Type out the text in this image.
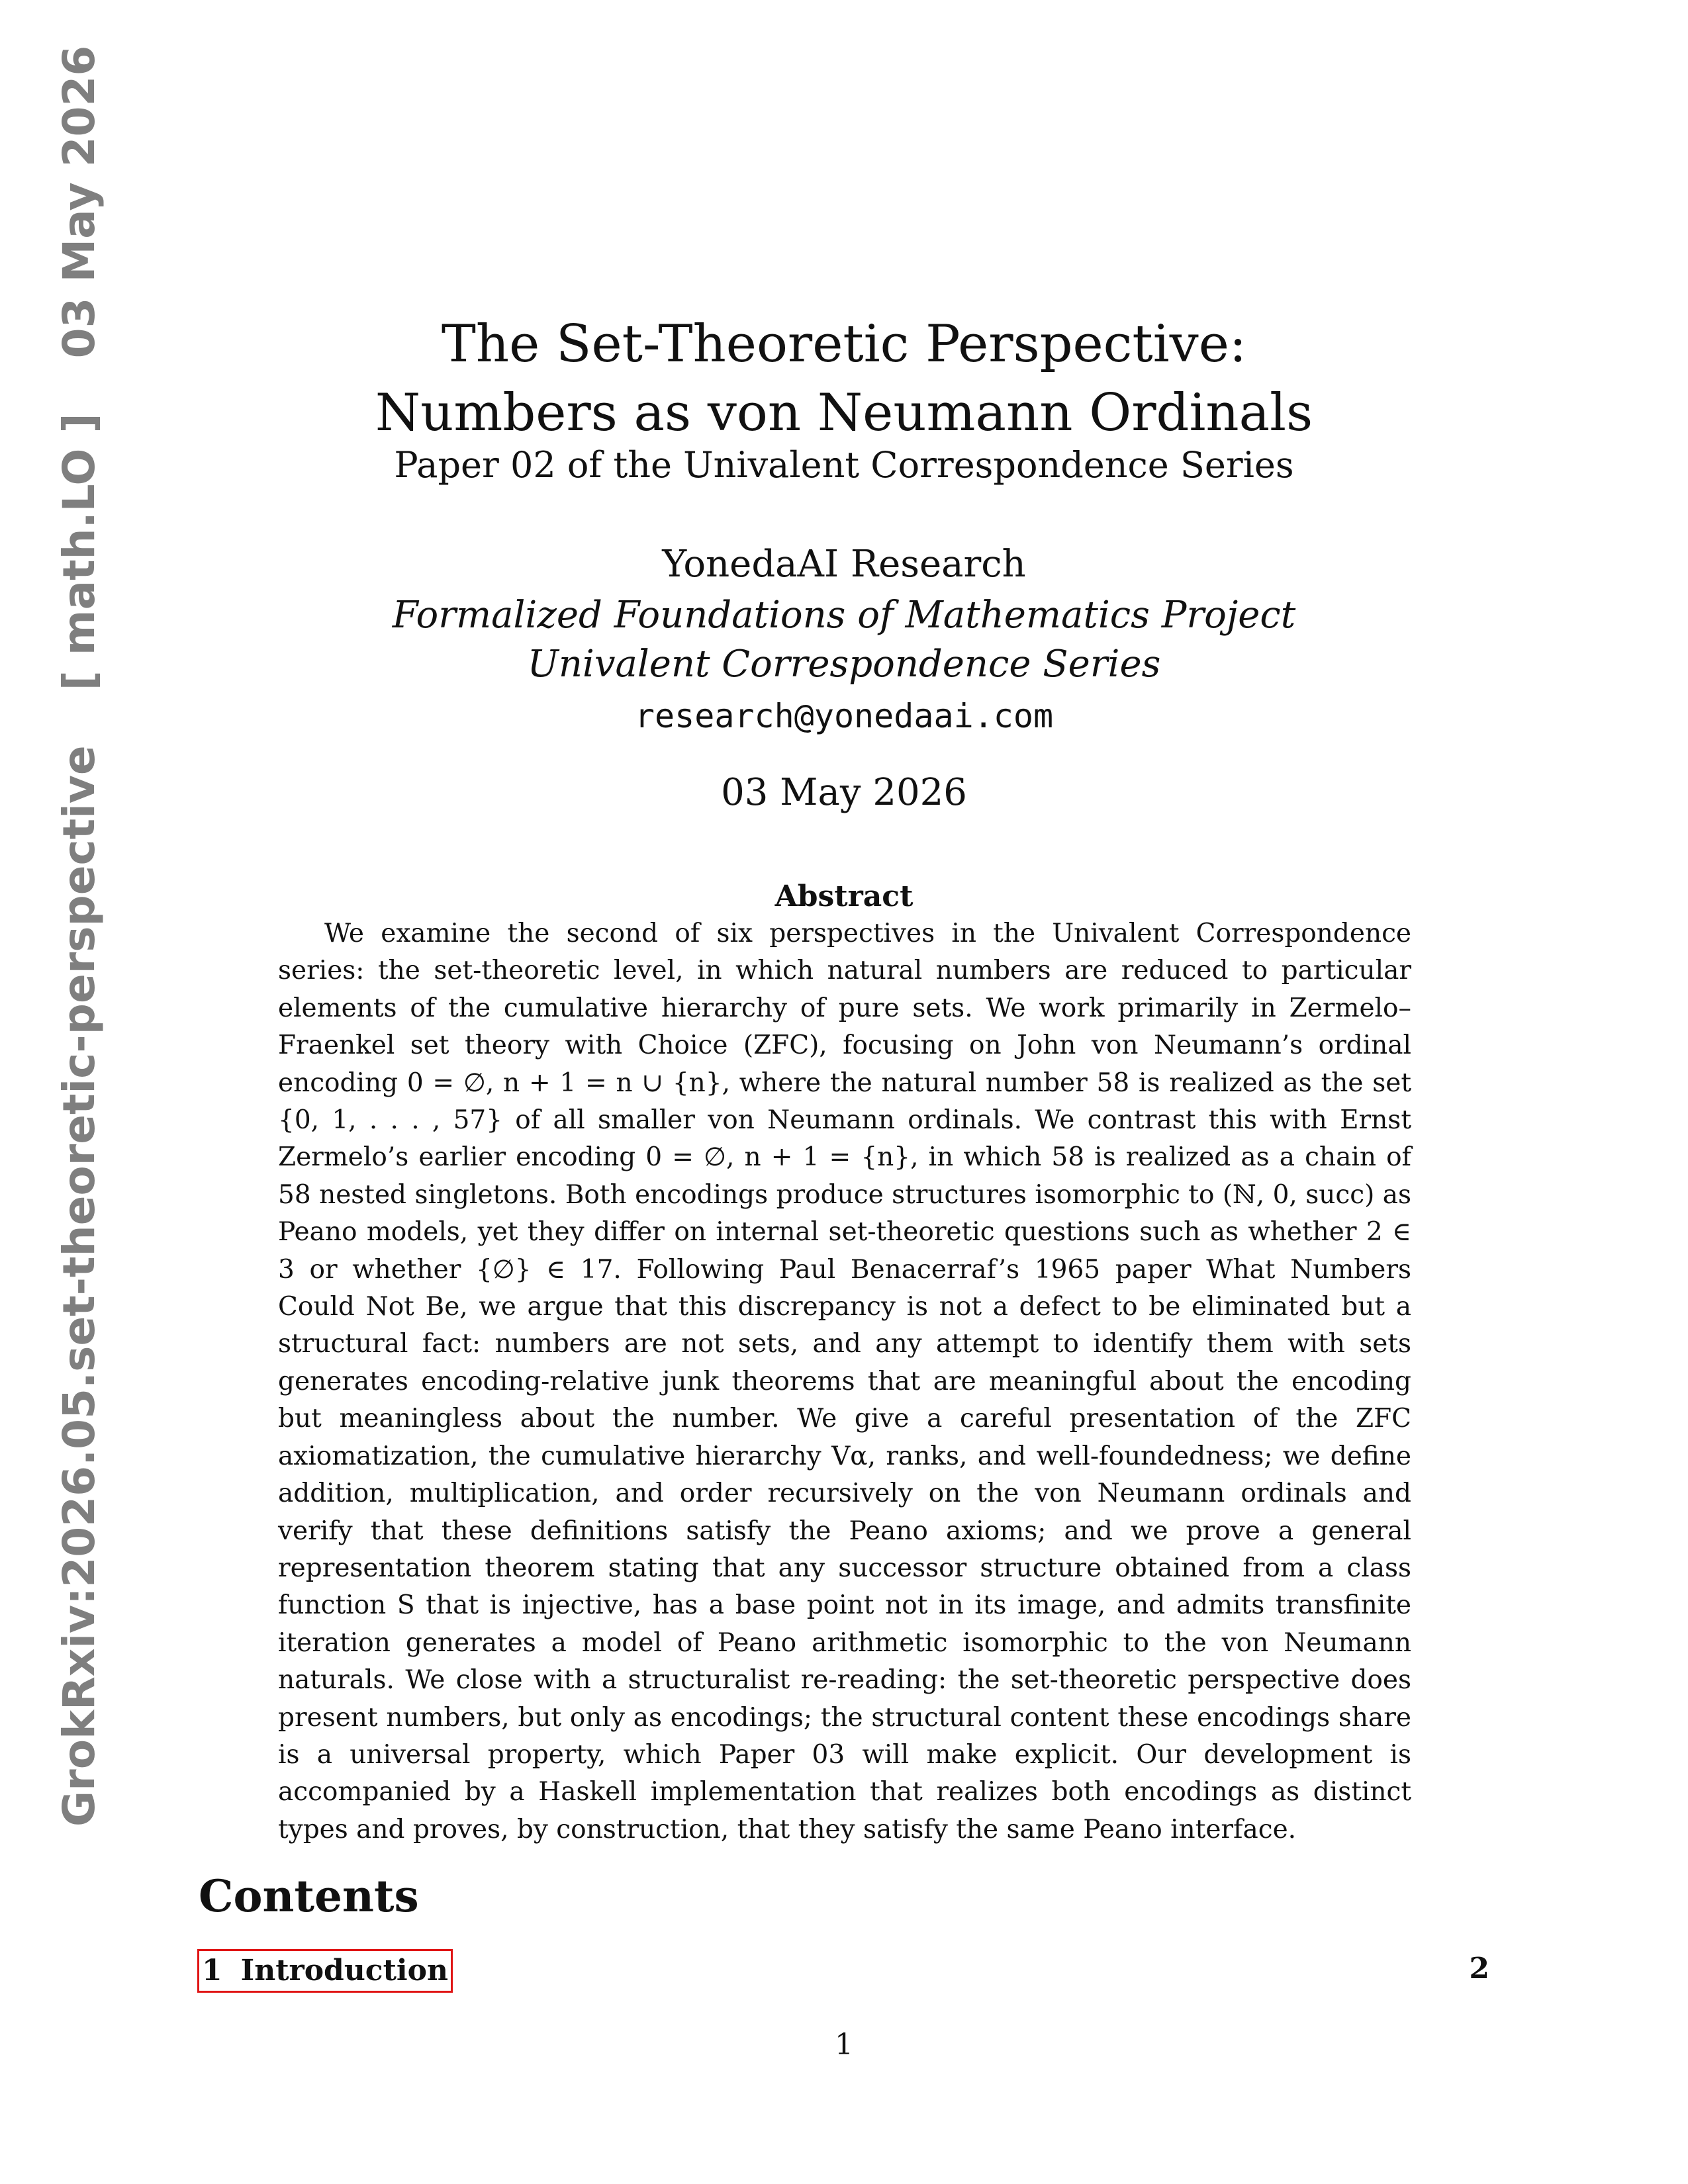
GrokRxiv:2026.05.set-theoretic-perspective [ math.LO ] 03 May 2026	The Set-Theoretic Perspective:
Numbers as von Neumann Ordinals
Paper 02 of the Univalent Correspondence Series
YonedaAI Research
Formalized Foundations of Mathematics Project
Univalent Correspondence Series
research@yonedaai.com
03 May 2026
Abstract

We examine the second of six perspectives in the Univalent Correspondence series: the set-theoretic level, in which natural numbers are reduced to particular elements of the cumulative hierarchy of pure sets. We work primarily in Zermelo–Fraenkel set theory with Choice (ZFC), focusing on John von Neumann’s ordinal encoding 0 = ∅, n + 1 = n ∪ {n}, where the natural number 58 is realized as the set {0, 1, . . . , 57} of all smaller von Neumann ordinals. We contrast this with Ernst Zermelo’s earlier encoding 0 = ∅, n + 1 = {n}, in which 58 is realized as a chain of 58 nested singletons. Both encodings produce structures isomorphic to (ℕ, 0, succ) as Peano models, yet they differ on internal set-theoretic questions such as whether 2 ∈ 3 or whether {∅} ∈ 17. Following Paul Benacerraf’s 1965 paper What Numbers Could Not Be, we argue that this discrepancy is not a defect to be eliminated but a structural fact: numbers are not sets, and any attempt to identify them with sets generates encoding-relative junk theorems that are meaningful about the encoding but meaningless about the number. We give a careful presentation of the ZFC axiomatization, the cumulative hierarchy Vα, ranks, and well-foundedness; we define addition, multiplication, and order recursively on the von Neumann ordinals and verify that these definitions satisfy the Peano axioms; and we prove a general representation theorem stating that any successor structure obtained from a class function S that is injective, has a base point not in its image, and admits transfinite iteration generates a model of Peano arithmetic isomorphic to the von Neumann naturals. We close with a structuralist re-reading: the set-theoretic perspective does present numbers, but only as encodings; the structural content these encodings share is a universal property, which Paper 03 will make explicit. Our development is accompanied by a Haskell implementation that realizes both encodings as distinct types and proves, by construction, that they satisfy the same Peano interface.

Contents
1 Introduction	2
1
